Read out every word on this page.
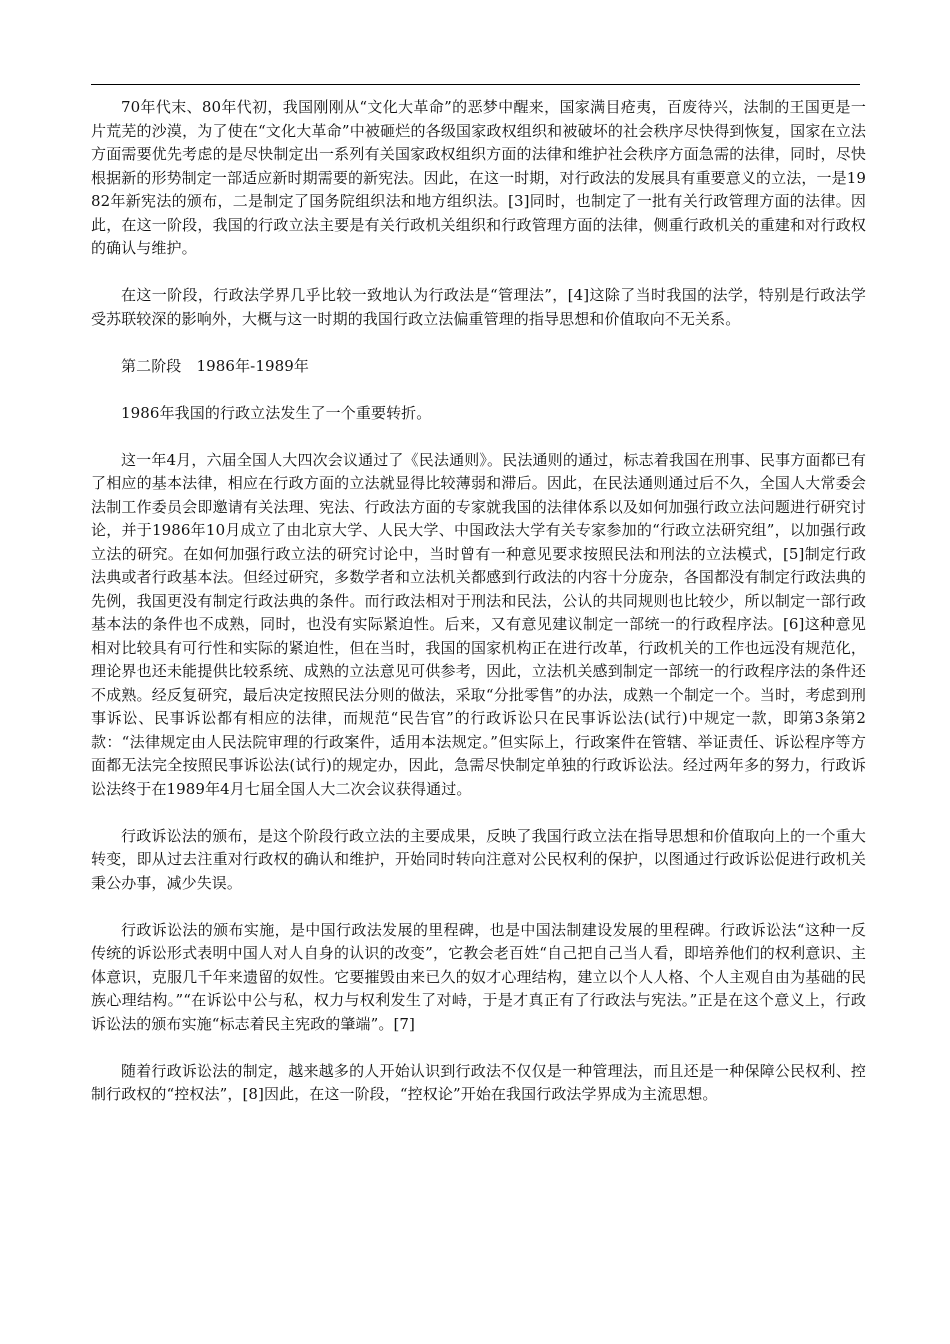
70年代末、80年代初，我国刚刚从“文化大革命”的恶梦中醒来，国家满目疮夷，百废待兴，法制的王国更是一片荒芜的沙漠，为了使在“文化大革命”中被砸烂的各级国家政权组织和被破坏的社会秩序尽快得到恢复，国家在立法方面需要优先考虑的是尽快制定出一系列有关国家政权组织方面的法律和维护社会秩序方面急需的法律，同时，尽快根据新的形势制定一部适应新时期需要的新宪法。因此，在这一时期，对行政法的发展具有重要意义的立法，一是1982年新宪法的颁布，二是制定了国务院组织法和地方组织法。[3]同时，也制定了一批有关行政管理方面的法律。因此，在这一阶段，我国的行政立法主要是有关行政机关组织和行政管理方面的法律，侧重行政机关的重建和对行政权的确认与维护。

在这一阶段，行政法学界几乎比较一致地认为行政法是“管理法”，[4]这除了当时我国的法学，特别是行政法学受苏联较深的影响外，大概与这一时期的我国行政立法偏重管理的指导思想和价值取向不无关系。

第二阶段　1986年-1989年

1986年我国的行政立法发生了一个重要转折。

这一年4月，六届全国人大四次会议通过了《民法通则》。民法通则的通过，标志着我国在刑事、民事方面都已有了相应的基本法律，相应在行政方面的立法就显得比较薄弱和滞后。因此，在民法通则通过后不久，全国人大常委会法制工作委员会即邀请有关法理、宪法、行政法方面的专家就我国的法律体系以及如何加强行政立法问题进行研究讨论，并于1986年10月成立了由北京大学、人民大学、中国政法大学有关专家参加的“行政立法研究组”，以加强行政立法的研究。在如何加强行政立法的研究讨论中，当时曾有一种意见要求按照民法和刑法的立法模式，[5]制定行政法典或者行政基本法。但经过研究，多数学者和立法机关都感到行政法的内容十分庞杂，各国都没有制定行政法典的先例，我国更没有制定行政法典的条件。而行政法相对于刑法和民法，公认的共同规则也比较少，所以制定一部行政基本法的条件也不成熟，同时，也没有实际紧迫性。后来，又有意见建议制定一部统一的行政程序法。[6]这种意见相对比较具有可行性和实际的紧迫性，但在当时，我国的国家机构正在进行改革，行政机关的工作也远没有规范化，理论界也还未能提供比较系统、成熟的立法意见可供参考，因此，立法机关感到制定一部统一的行政程序法的条件还不成熟。经反复研究，最后决定按照民法分则的做法，采取“分批零售”的办法，成熟一个制定一个。当时，考虑到刑事诉讼、民事诉讼都有相应的法律，而规范“民告官”的行政诉讼只在民事诉讼法(试行)中规定一款，即第3条第2款：“法律规定由人民法院审理的行政案件，适用本法规定。”但实际上，行政案件在管辖、举证责任、诉讼程序等方面都无法完全按照民事诉讼法(试行)的规定办，因此，急需尽快制定单独的行政诉讼法。经过两年多的努力，行政诉讼法终于在1989年4月七届全国人大二次会议获得通过。

行政诉讼法的颁布，是这个阶段行政立法的主要成果，反映了我国行政立法在指导思想和价值取向上的一个重大转变，即从过去注重对行政权的确认和维护，开始同时转向注意对公民权利的保护，以图通过行政诉讼促进行政机关秉公办事，减少失误。

行政诉讼法的颁布实施，是中国行政法发展的里程碑，也是中国法制建设发展的里程碑。行政诉讼法“这种一反传统的诉讼形式表明中国人对人自身的认识的改变”，它教会老百姓“自己把自己当人看，即培养他们的权利意识、主体意识，克服几千年来遗留的奴性。它要摧毁由来已久的奴才心理结构，建立以个人人格、个人主观自由为基础的民族心理结构。”“在诉讼中公与私，权力与权利发生了对峙，于是才真正有了行政法与宪法。”正是在这个意义上，行政诉讼法的颁布实施“标志着民主宪政的肇端”。[7]

随着行政诉讼法的制定，越来越多的人开始认识到行政法不仅仅是一种管理法，而且还是一种保障公民权利、控制行政权的“控权法”，[8]因此，在这一阶段，“控权论”开始在我国行政法学界成为主流思想。
